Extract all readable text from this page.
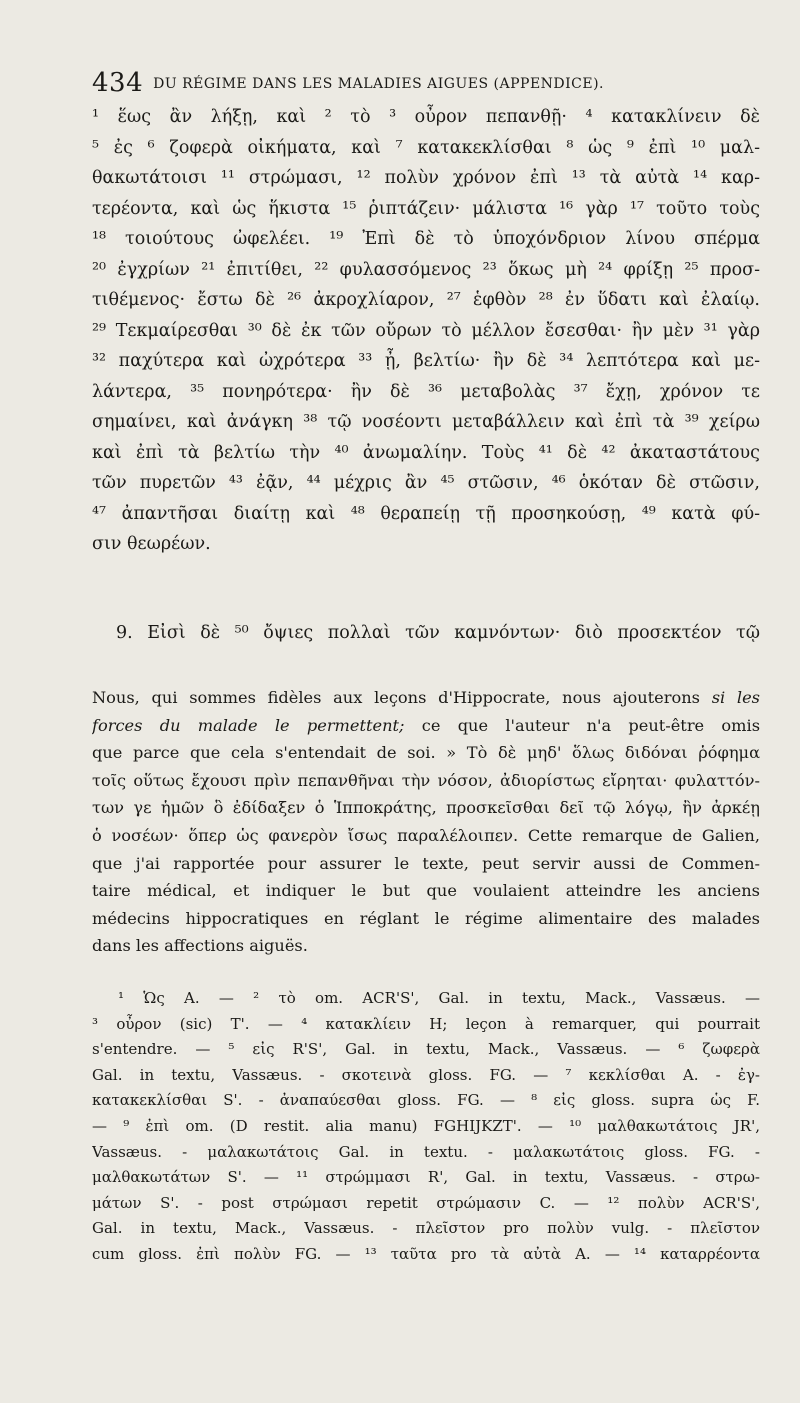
434 DU RÉGIME DANS LES MALADIES AIGUES (APPENDICE).
¹ ἕως ἂν λήξῃ, καὶ ² τὸ ³ οὖρον πεπανθῇ· ⁴ κατακλίνειν δὲ
⁵ ἐς ⁶ ζοφερὰ οἰκήματα, καὶ ⁷ κατακεκλίσθαι ⁸ ὡς ⁹ ἐπὶ ¹⁰ μαλ-
θακωτάτοισι ¹¹ στρώμασι, ¹² πολὺν χρόνον ἐπὶ ¹³ τὰ αὐτὰ ¹⁴ καρ-
τερέοντα, καὶ ὡς ἥκιστα ¹⁵ ῥιπτάζειν· μάλιστα ¹⁶ γὰρ ¹⁷ τοῦτο τοὺς
¹⁸ τοιούτους ὠφελέει. ¹⁹ Ἐπὶ δὲ τὸ ὑποχόνδριον λίνου σπέρμα
²⁰ ἐγχρίων ²¹ ἐπιτίθει, ²² φυλασσόμενος ²³ ὅκως μὴ ²⁴ φρίξῃ ²⁵ προσ-
τιθέμενος· ἔστω δὲ ²⁶ ἀκροχλίαρον, ²⁷ ἑφθὸν ²⁸ ἐν ὕδατι καὶ ἐλαίῳ.
²⁹ Τεκμαίρεσθαι ³⁰ δὲ ἐκ τῶν οὔρων τὸ μέλλον ἔσεσθαι· ἢν μὲν ³¹ γὰρ
³² παχύτερα καὶ ὠχρότερα ³³ ᾖ, βελτίω· ἢν δὲ ³⁴ λεπτότερα καὶ με-
λάντερα, ³⁵ πονηρότερα· ἢν δὲ ³⁶ μεταβολὰς ³⁷ ἔχῃ, χρόνον τε
σημαίνει, καὶ ἀνάγκη ³⁸ τῷ νοσέοντι μεταβάλλειν καὶ ἐπὶ τὰ ³⁹ χείρω
καὶ ἐπὶ τὰ βελτίω τὴν ⁴⁰ ἀνωμαλίην. Τοὺς ⁴¹ δὲ ⁴² ἀκαταστάτους
τῶν πυρετῶν ⁴³ ἐᾷν, ⁴⁴ μέχρις ἂν ⁴⁵ στῶσιν, ⁴⁶ ὁκόταν δὲ στῶσιν,
⁴⁷ ἀπαντῆσαι διαίτῃ καὶ ⁴⁸ θεραπείῃ τῇ προσηκούσῃ, ⁴⁹ κατὰ φύ-
σιν θεωρέων.
9. Εἰσὶ δὲ ⁵⁰ ὄψιες πολλαὶ τῶν καμνόντων· διὸ προσεκτέον τῷ
Nous, qui sommes fidèles aux leçons d'Hippocrate, nous ajouterons si les
forces du malade le permettent; ce que l'auteur n'a peut-être omis
que parce que cela s'entendait de soi. » Τὸ δὲ μηδ' ὅλως διδόναι ῥόφημα
τοῖς οὕτως ἔχουσι πρὶν πεπανθῆναι τὴν νόσον, ἀδιορίστως εἴρηται· φυλαττόν-
των γε ἡμῶν ὃ ἐδίδαξεν ὁ Ἱπποκράτης, προσκεῖσθαι δεῖ τῷ λόγῳ, ἢν ἀρκέῃ
ὁ νοσέων· ὅπερ ὡς φανερὸν ἴσως παραλέλοιπεν. Cette remarque de Galien,
que j'ai rapportée pour assurer le texte, peut servir aussi de Commen-
taire médical, et indiquer le but que voulaient atteindre les anciens
médecins hippocratiques en réglant le régime alimentaire des malades
dans les affections aiguës.
¹ Ὡς A. — ² τὸ om. ACR'S', Gal. in textu, Mack., Vassæus. —
³ οὖρον (sic) T'. — ⁴ κατακλίειν H; leçon à remarquer, qui pourrait
s'entendre. — ⁵ εἰς R'S', Gal. in textu, Mack., Vassæus. — ⁶ ζωφερὰ
Gal. in textu, Vassæus. - σκοτεινὰ gloss. FG. — ⁷ κεκλίσθαι A. - ἐγ-
κατακεκλίσθαι S'. - ἀναπαύεσθαι gloss. FG. — ⁸ εἰς gloss. supra ὡς F.
— ⁹ ἐπὶ om. (D restit. alia manu) FGHIJKZT'. — ¹⁰ μαλθακωτάτοις JR',
Vassæus. - μαλακωτάτοις Gal. in textu. - μαλακωτάτοις gloss. FG. -
μαλθακωτάτων S'. — ¹¹ στρώμμασι R', Gal. in textu, Vassæus. - στρω-
μάτων S'. - post στρώμασι repetit στρώμασιν C. — ¹² πολὺν ACR'S',
Gal. in textu, Mack., Vassæus. - πλεῖστον pro πολὺν vulg. - πλεῖστον
cum gloss. ἐπὶ πολὺν FG. — ¹³ ταῦτα pro τὰ αὐτὰ A. — ¹⁴ καταρρέοντα
